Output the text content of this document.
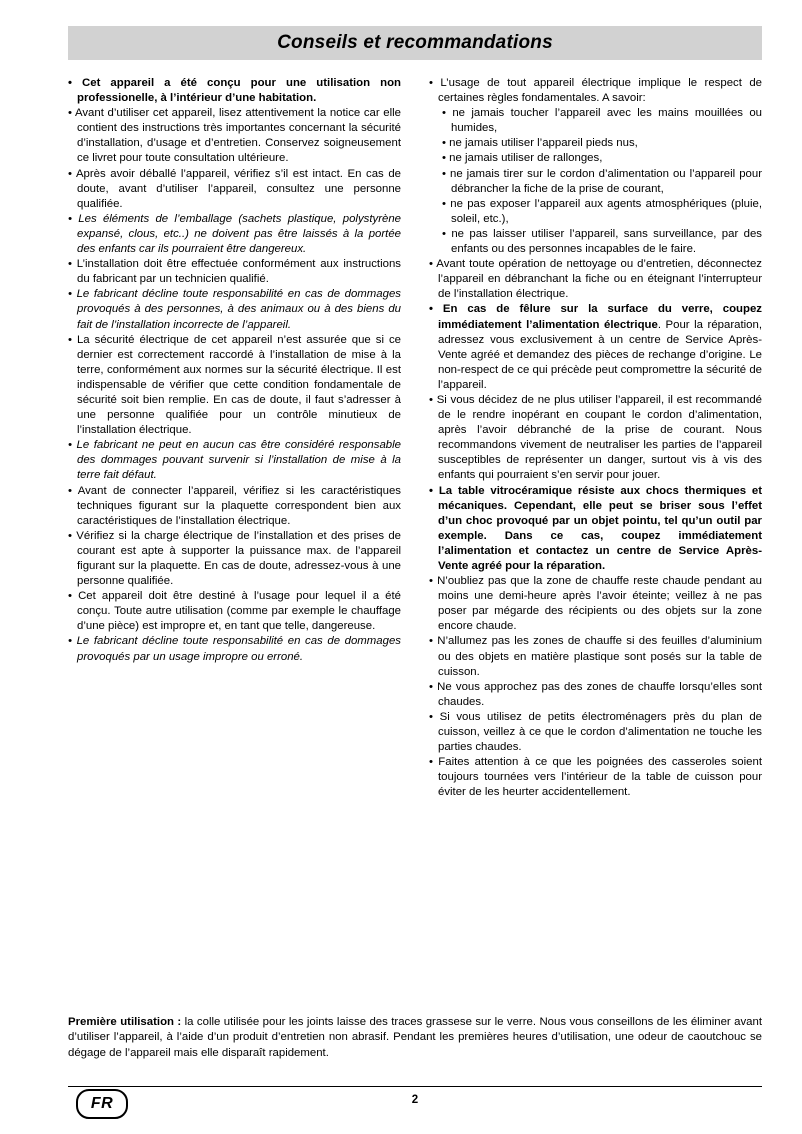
Conseils et recommandations

• Cet appareil a été conçu pour une utilisation non professionelle, à l’intérieur d’une habitation.

• Avant d’utiliser cet appareil, lisez attentivement la notice car elle contient des instructions très importantes concernant la sécurité d’installation, d’usage et d’entretien. Conservez soigneusement ce livret pour toute consultation ultérieure.

• Après avoir déballé l’appareil, vérifiez s’il est intact. En cas de doute, avant d’utiliser l’appareil, consultez une personne qualifiée.

• Les éléments de l’emballage (sachets plastique, polystyrène expansé, clous, etc..) ne doivent pas être laissés à la portée des enfants car ils pourraient être dangereux.

• L’installation doit être effectuée conformément aux instructions du fabricant par un technicien qualifié.

• Le fabricant décline toute responsabilité en cas de dommages provoqués à des personnes, à des animaux ou à des biens du fait de l’installation incorrecte de l’appareil.

• La sécurité électrique de cet appareil n’est assurée que si ce dernier est correctement raccordé à l’installation de mise à la terre, conformément aux normes sur la sécurité électrique. Il est indispensable de vérifier que cette condition fondamentale de sécurité soit bien remplie. En cas de doute, il faut s’adresser à une personne qualifiée pour un contrôle minutieux de l’installation électrique.

• Le fabricant ne peut en aucun cas être considéré responsable des dommages pouvant survenir si l’installation de mise à la terre fait défaut.

• Avant de connecter l’appareil, vérifiez si les caractéristiques techniques figurant sur la plaquette correspondent bien aux caractéristiques de l’installation électrique.

• Vérifiez si la charge électrique de l’installation et des prises de courant est apte à supporter la puissance max. de l’appareil figurant sur la plaquette. En cas de doute, adressez-vous à une personne qualifiée.

• Cet appareil doit être destiné à l’usage pour lequel il a été conçu. Toute autre utilisation (comme par exemple le chauffage d’une pièce) est impropre et, en tant que telle, dangereuse.

• Le fabricant décline toute responsabilité en cas de dommages provoqués par un usage impropre ou erroné.

• L’usage de tout appareil électrique implique le respect de certaines règles fondamentales. A savoir:

• ne jamais toucher l’appareil avec les mains mouillées ou humides,

• ne jamais utiliser l’appareil pieds nus,

• ne jamais utiliser de rallonges,

• ne jamais tirer sur le cordon d’alimentation ou l’appareil pour débrancher la fiche de la prise de courant,

• ne pas exposer l’appareil aux agents atmosphériques (pluie, soleil, etc.),

• ne pas laisser utiliser l’appareil, sans surveillance, par des enfants ou des personnes incapables de le faire.

• Avant toute opération de nettoyage ou d’entretien, déconnectez l’appareil en débranchant la fiche ou en éteignant l’interrupteur de l’installation électrique.

• En cas de fêlure sur la surface du verre, coupez immédiatement l’alimentation électrique. Pour la réparation, adressez vous exclusivement à un centre de Service Après-Vente agréé et demandez des pièces de rechange d’origine. Le non-respect de ce qui précède peut compromettre la sécurité de l’appareil.

• Si vous décidez de ne plus utiliser l’appareil, il est recommandé de le rendre inopérant en coupant le cordon d’alimentation, après l’avoir débranché de la prise de courant. Nous recommandons vivement de neutraliser les parties de l’appareil susceptibles de représenter un danger, surtout vis à vis des enfants qui pourraient s’en servir pour jouer.

• La table vitrocéramique résiste aux chocs thermiques et mécaniques. Cependant, elle peut se briser sous l’effet d’un choc provoqué par un objet pointu, tel qu’un outil par exemple. Dans ce cas, coupez immédiatement l’alimentation et contactez un centre de Service Après-Vente agréé pour la réparation.

• N’oubliez pas que la zone de chauffe reste chaude pendant au moins une demi-heure après l’avoir éteinte; veillez à ne pas poser par mégarde des récipients ou des objets sur la zone encore chaude.

• N’allumez pas les zones de chauffe si des feuilles d’aluminium ou des objets en matière plastique sont posés sur la table de cuisson.

• Ne vous approchez pas des zones de chauffe lorsqu’elles sont chaudes.

• Si vous utilisez de petits électroménagers près du plan de cuisson, veillez à ce que le cordon d’alimentation ne touche les parties chaudes.

• Faites attention à ce que les poignées des casseroles soient toujours tournées vers l’intérieur de la table de cuisson pour éviter de les heurter accidentellement.

Première utilisation : la colle utilisée pour les joints laisse des traces grassese sur le verre. Nous vous conseillons de les éliminer avant d’utiliser l’appareil, à l’aide d’un produit d’entretien non abrasif. Pendant les premières heures d’utilisation, une odeur de caoutchouc se dégage de l’appareil mais elle disparaît rapidement.
FR	2
